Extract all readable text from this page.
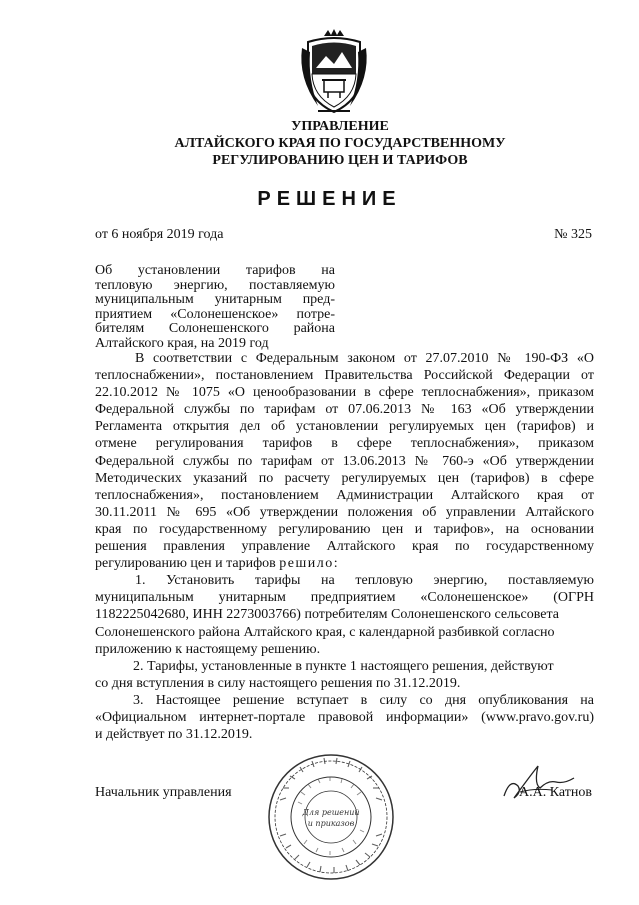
УПРАВЛЕНИЕ
АЛТАЙСКОГО КРАЯ ПО ГОСУДАРСТВЕННОМУ
РЕГУЛИРОВАНИЮ ЦЕН И ТАРИФОВ
РЕШЕНИЕ
от 6 ноября 2019 года	№ 325
Об установлении тарифов на
тепловую энергию, поставляемую
муниципальным унитарным пред-
приятием «Солонешенское» потре-
бителям Солонешенского района
Алтайского края, на 2019 год
В соответствии с Федеральным законом от 27.07.2010 № 190-ФЗ «О
теплоснабжении», постановлением Правительства Российской Федерации от
22.10.2012 № 1075 «О ценообразовании в сфере теплоснабжения», приказом
Федеральной службы по тарифам от 07.06.2013 № 163 «Об утверждении
Регламента открытия дел об установлении регулируемых цен (тарифов) и
отмене регулирования тарифов в сфере теплоснабжения», приказом
Федеральной службы по тарифам от 13.06.2013 № 760-э «Об утверждении
Методических указаний по расчету регулируемых цен (тарифов) в сфере
теплоснабжения», постановлением Администрации Алтайского края от
30.11.2011 № 695 «Об утверждении положения об управлении Алтайского
края по государственному регулированию цен и тарифов», на основании
решения правления управление Алтайского края по государственному
регулированию цен и тарифов решило:
1. Установить тарифы на тепловую энергию, поставляемую
муниципальным унитарным предприятием «Солонешенское» (ОГРН
1182225042680, ИНН 2273003766) потребителям Солонешенского сельсовета
Солонешенского района Алтайского края, с календарной разбивкой согласно
приложению к настоящему решению.
2. Тарифы, установленные в пункте 1 настоящего решения, действуют
со дня вступления в силу настоящего решения по 31.12.2019.
3. Настоящее решение вступает в силу со дня опубликования на
«Официальном интернет-портале правовой информации» (www.pravo.gov.ru)
и действует по 31.12.2019.
Для решений
и приказов
Начальник управления	А.А. Катнов
